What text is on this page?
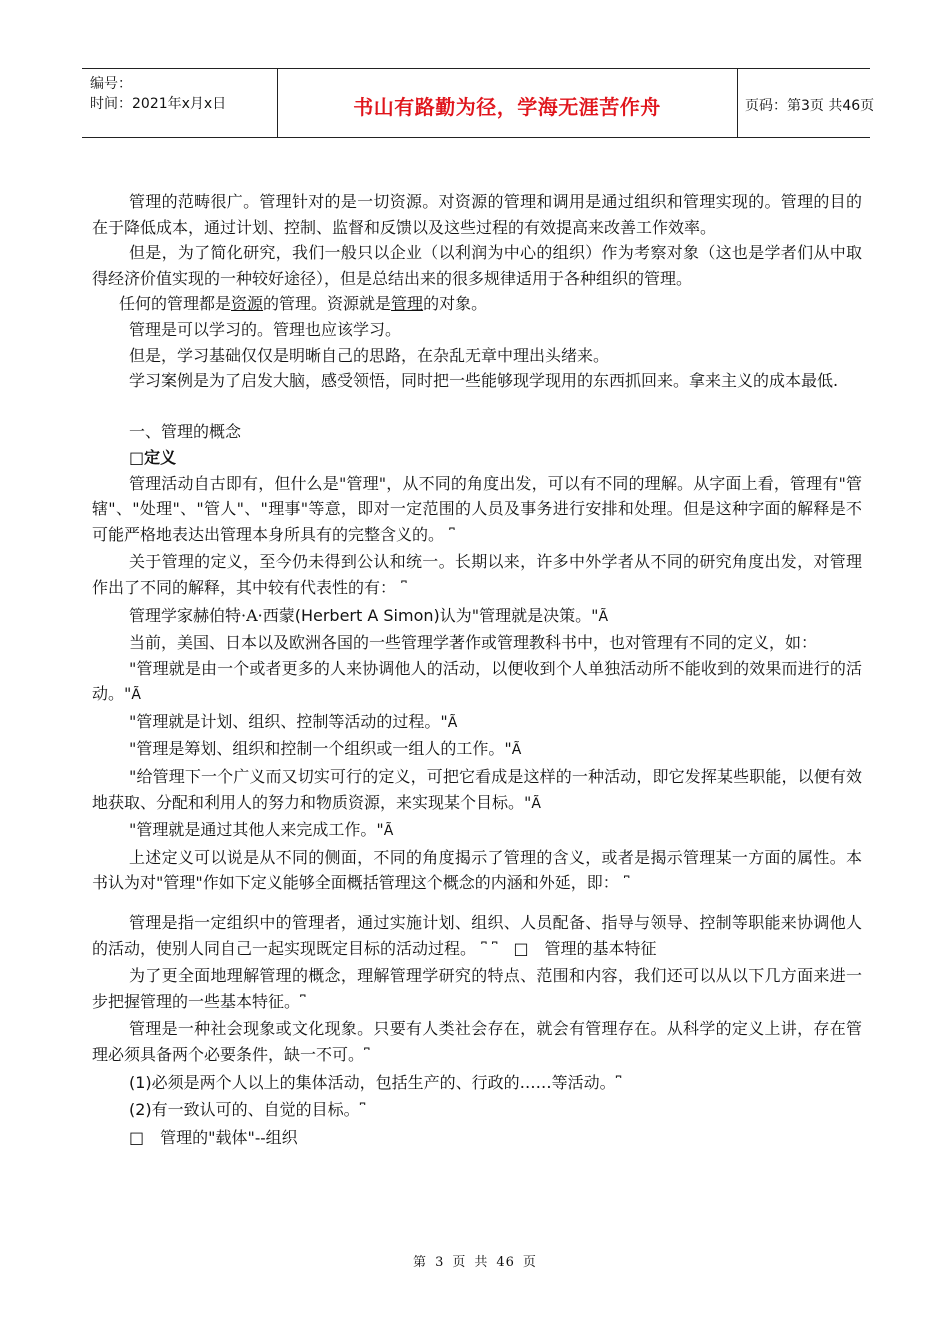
编号：
时间：2021年x月x日	书山有路勤为径，学海无涯苦作舟	页码：第3页 共46页

管理的范畴很广。管理针对的是一切资源。对资源的管理和调用是通过组织和管理实现的。管理的目的在于降低成本，通过计划、控制、监督和反馈以及这些过程的有效提高来改善工作效率。

但是，为了简化研究，我们一般只以企业（以利润为中心的组织）作为考察对象（这也是学者们从中取得经济价值实现的一种较好途径），但是总结出来的很多规律适用于各种组织的管理。

任何的管理都是资源的管理。资源就是管理的对象。

管理是可以学习的。管理也应该学习。

但是，学习基础仅仅是明晰自己的思路，在杂乱无章中理出头绪来。

学习案例是为了启发大脑，感受领悟，同时把一些能够现学现用的东西抓回来。拿来主义的成本最低.

一、管理的概念

□定义

管理活动自古即有，但什么是"管理"，从不同的角度出发，可以有不同的理解。从字面上看，管理有"管辖"、"处理"、"管人"、"理事"等意，即对一定范围的人员及事务进行安排和处理。但是这种字面的解释是不可能严格地表达出管理本身所具有的完整含义的。 ⎴

关于管理的定义，至今仍未得到公认和统一。长期以来，许多中外学者从不同的研究角度出发，对管理作出了不同的解释，其中较有代表性的有： ⎴

管理学家赫伯特·A·西蒙(Herbert A Simon)认为"管理就是决策。"Ã

当前，美国、日本以及欧洲各国的一些管理学著作或管理教科书中，也对管理有不同的定义，如：

"管理就是由一个或者更多的人来协调他人的活动，以便收到个人单独活动所不能收到的效果而进行的活动。"Ã

"管理就是计划、组织、控制等活动的过程。"Ã

"管理是筹划、组织和控制一个组织或一组人的工作。"Ã

"给管理下一个广义而又切实可行的定义，可把它看成是这样的一种活动，即它发挥某些职能，以便有效地获取、分配和利用人的努力和物质资源，来实现某个目标。"Ã

"管理就是通过其他人来完成工作。"Ã

上述定义可以说是从不同的侧面，不同的角度揭示了管理的含义，或者是揭示管理某一方面的属性。本书认为对"管理"作如下定义能够全面概括管理这个概念的内涵和外延，即： ⎴

管理是指一定组织中的管理者，通过实施计划、组织、人员配备、指导与领导、控制等职能来协调他人的活动，使别人同自己一起实现既定目标的活动过程。 ⎴ ⎴　 □　管理的基本特征

为了更全面地理解管理的概念，理解管理学研究的特点、范围和内容，我们还可以从以下几方面来进一步把握管理的一些基本特征。⎴

管理是一种社会现象或文化现象。只要有人类社会存在，就会有管理存在。从科学的定义上讲，存在管理必须具备两个必要条件，缺一不可。⎴

(1)必须是两个人以上的集体活动，包括生产的、行政的……等活动。⎴

(2)有一致认可的、自觉的目标。⎴

□　管理的"载体"--组织

第 3 页 共 46 页
